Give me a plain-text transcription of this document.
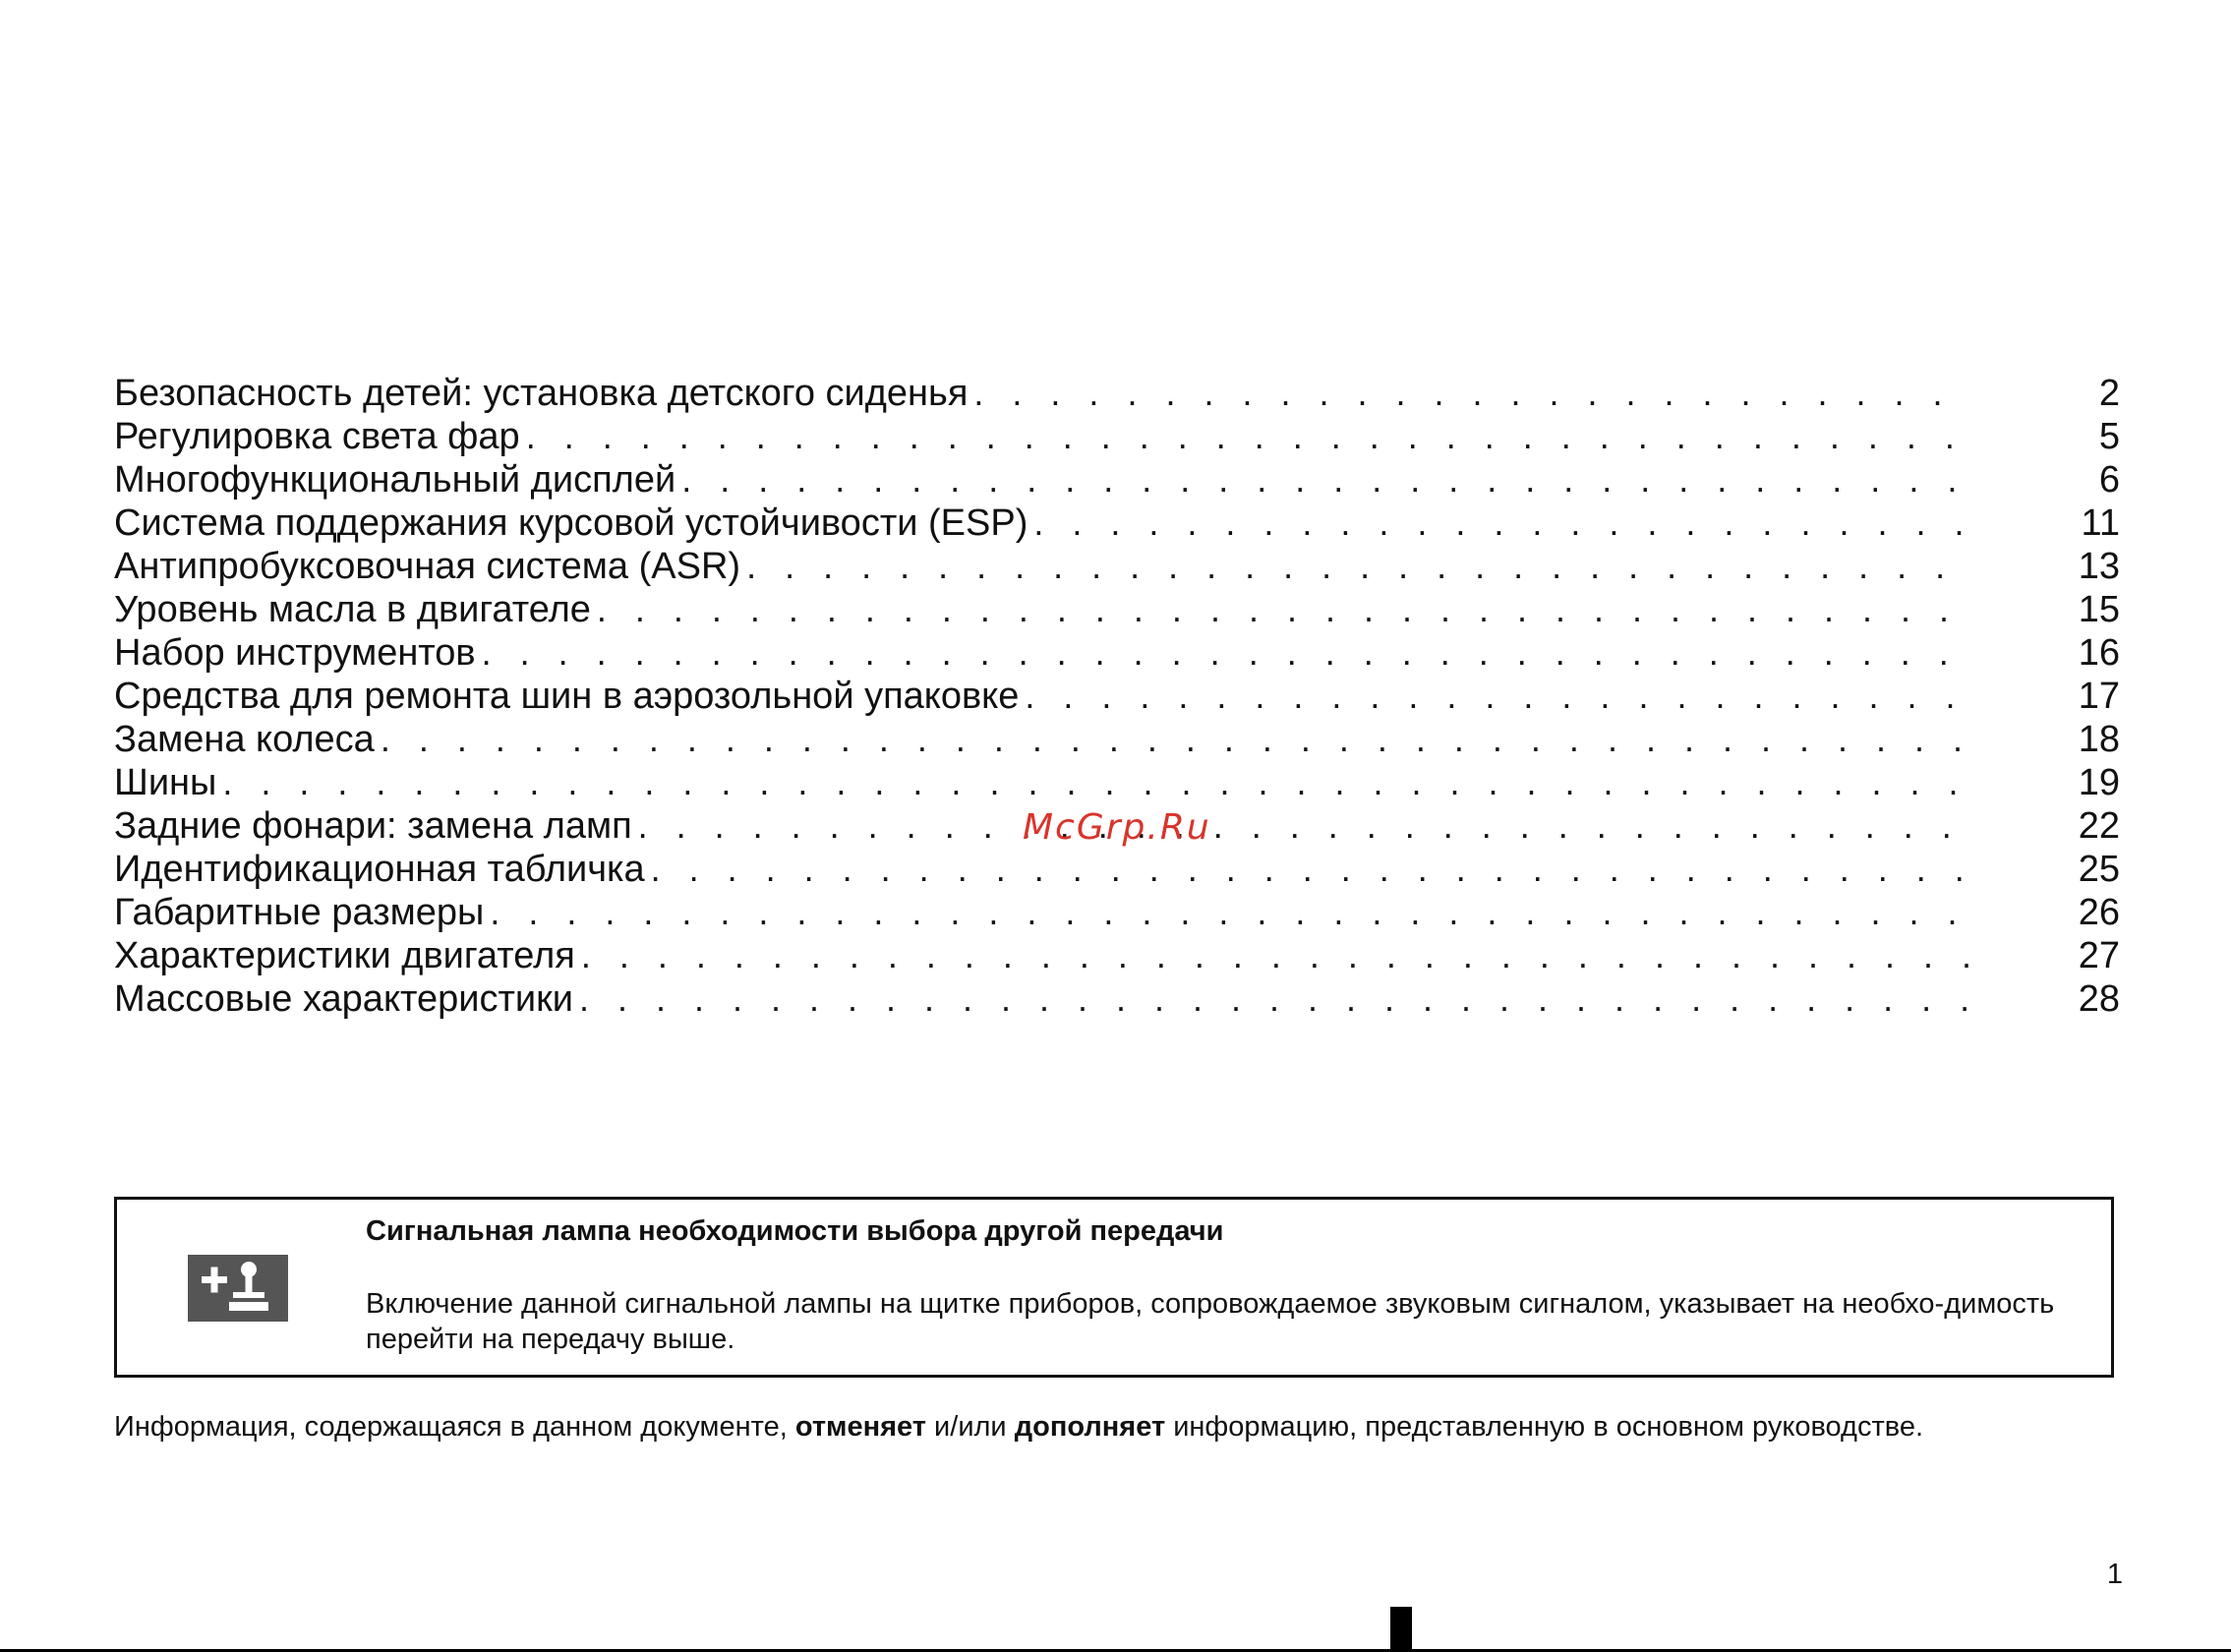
Безопасность детей: установка детского сиденья . . .	2
Регулировка света фар . . .	5
Многофункциональный дисплей . . .	6
Система поддержания курсовой устойчивости (ESP) . . .	11
Антипробуксовочная система (ASR) . . .	13
Уровень масла в двигателе . . .	15
Набор инструментов . . .	16
Средства для ремонта шин в аэрозольной упаковке . . .	17
Замена колеса . . .	18
Шины . . .	19
Задние фонари: замена ламп . . .	22
Идентификационная табличка . . .	25
Габаритные размеры . . .	26
Характеристики двигателя . . .	27
Массовые характеристики . . .	28
McGrp.Ru
Сигнальная лампа необходимости выбора другой передачи
Включение данной сигнальной лампы на щитке приборов, сопровождаемое звуковым сигналом, указывает на необхо-димость перейти на передачу выше.
Информация, содержащаяся в данном документе, отменяет и/или дополняет информацию, представленную в основном руководстве.
1
